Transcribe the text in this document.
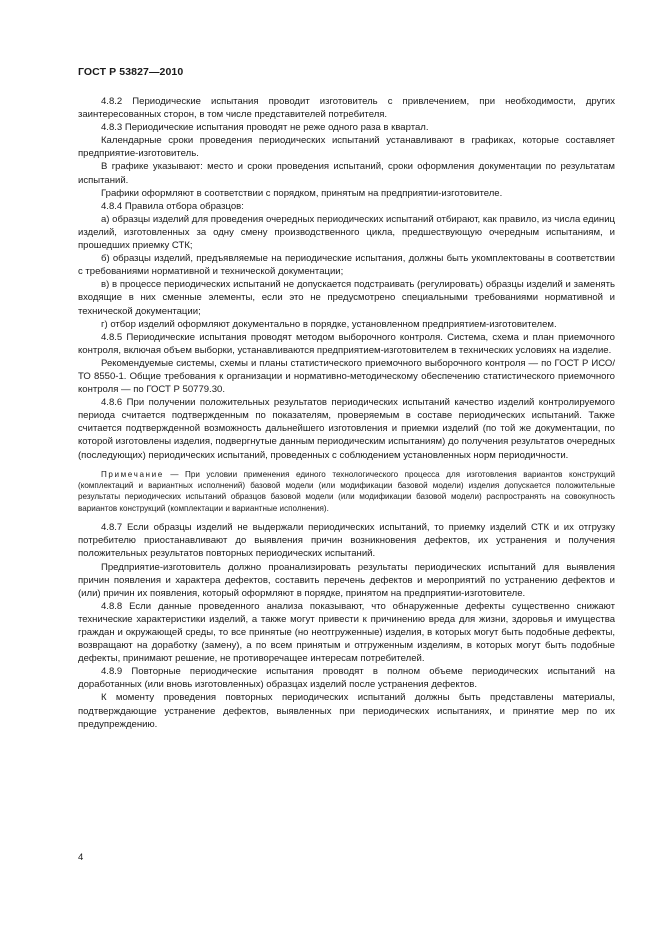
ГОСТ Р 53827—2010

4.8.2 Периодические испытания проводит изготовитель с привлечением, при необходимости, других заинтересованных сторон, в том числе представителей потребителя.

4.8.3 Периодические испытания проводят не реже одного раза в квартал.

Календарные сроки проведения периодических испытаний устанавливают в графиках, которые составляет предприятие-изготовитель.

В графике указывают: место и сроки проведения испытаний, сроки оформления документации по результатам испытаний.

Графики оформляют в соответствии с порядком, принятым на предприятии-изготовителе.

4.8.4 Правила отбора образцов:

а) образцы изделий для проведения очередных периодических испытаний отбирают, как правило, из числа единиц изделий, изготовленных за одну смену производственного цикла, предшествующую очередным испытаниям, и прошедших приемку СТК;

б) образцы изделий, предъявляемые на периодические испытания, должны быть укомплектованы в соответствии с требованиями нормативной и технической документации;

в) в процессе периодических испытаний не допускается подстраивать (регулировать) образцы изделий и заменять входящие в них сменные элементы, если это не предусмотрено специальными требованиями нормативной и технической документации;

г) отбор изделий оформляют документально в порядке, установленном предприятием-изготовителем.

4.8.5 Периодические испытания проводят методом выборочного контроля. Система, схема и план приемочного контроля, включая объем выборки, устанавливаются предприятием-изготовителем в технических условиях на изделие.

Рекомендуемые системы, схемы и планы статистического приемочного выборочного контроля — по ГОСТ Р ИСО/ТО 8550-1. Общие требования к организации и нормативно-методическому обеспечению статистического приемочного контроля — по ГОСТ Р 50779.30.

4.8.6 При получении положительных результатов периодических испытаний качество изделий контролируемого периода считается подтвержденным по показателям, проверяемым в составе периодических испытаний. Также считается подтвержденной возможность дальнейшего изготовления и приемки изделий (по той же документации, по которой изготовлены изделия, подвергнутые данным периодическим испытаниям) до получения результатов очередных (последующих) периодических испытаний, проведенных с соблюдением установленных норм периодичности.

Примечание — При условии применения единого технологического процесса для изготовления вариантов конструкций (комплектаций и вариантных исполнений) базовой модели (или модификации базовой модели) изделия допускается положительные результаты периодических испытаний образцов базовой модели (или модификации базовой модели) распространять на совокупность вариантов конструкций (комплектации и вариантные исполнения).

4.8.7 Если образцы изделий не выдержали периодических испытаний, то приемку изделий СТК и их отгрузку потребителю приостанавливают до выявления причин возникновения дефектов, их устранения и получения положительных результатов повторных периодических испытаний.

Предприятие-изготовитель должно проанализировать результаты периодических испытаний для выявления причин появления и характера дефектов, составить перечень дефектов и мероприятий по устранению дефектов и (или) причин их появления, который оформляют в порядке, принятом на предприятии-изготовителе.

4.8.8 Если данные проведенного анализа показывают, что обнаруженные дефекты существенно снижают технические характеристики изделий, а также могут привести к причинению вреда для жизни, здоровья и имущества граждан и окружающей среды, то все принятые (но неотгруженные) изделия, в которых могут быть подобные дефекты, возвращают на доработку (замену), а по всем принятым и отгруженным изделиям, в которых могут быть подобные дефекты, принимают решение, не противоречащее интересам потребителей.

4.8.9 Повторные периодические испытания проводят в полном объеме периодических испытаний на доработанных (или вновь изготовленных) образцах изделий после устранения дефектов.

К моменту проведения повторных периодических испытаний должны быть представлены материалы, подтверждающие устранение дефектов, выявленных при периодических испытаниях, и принятие мер по их предупреждению.

4
